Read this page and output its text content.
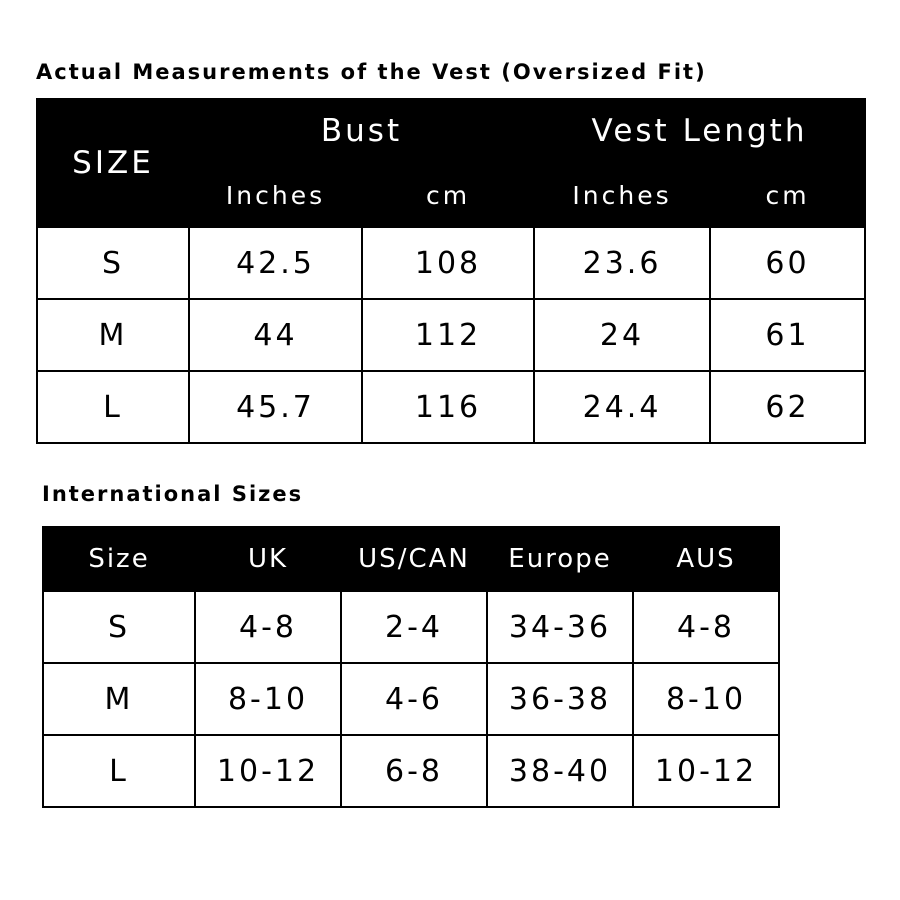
Actual Measurements of the Vest (Oversized Fit)
SIZE	Bust		Vest Length	
	Inches	cm	Inches	cm
S	42.5	108	23.6	60
M	44	112	24	61
L	45.7	116	24.4	62
International Sizes
Size	UK	US/CAN	Europe	AUS
S	4-8	2-4	34-36	4-8
M	8-10	4-6	36-38	8-10
L	10-12	6-8	38-40	10-12
